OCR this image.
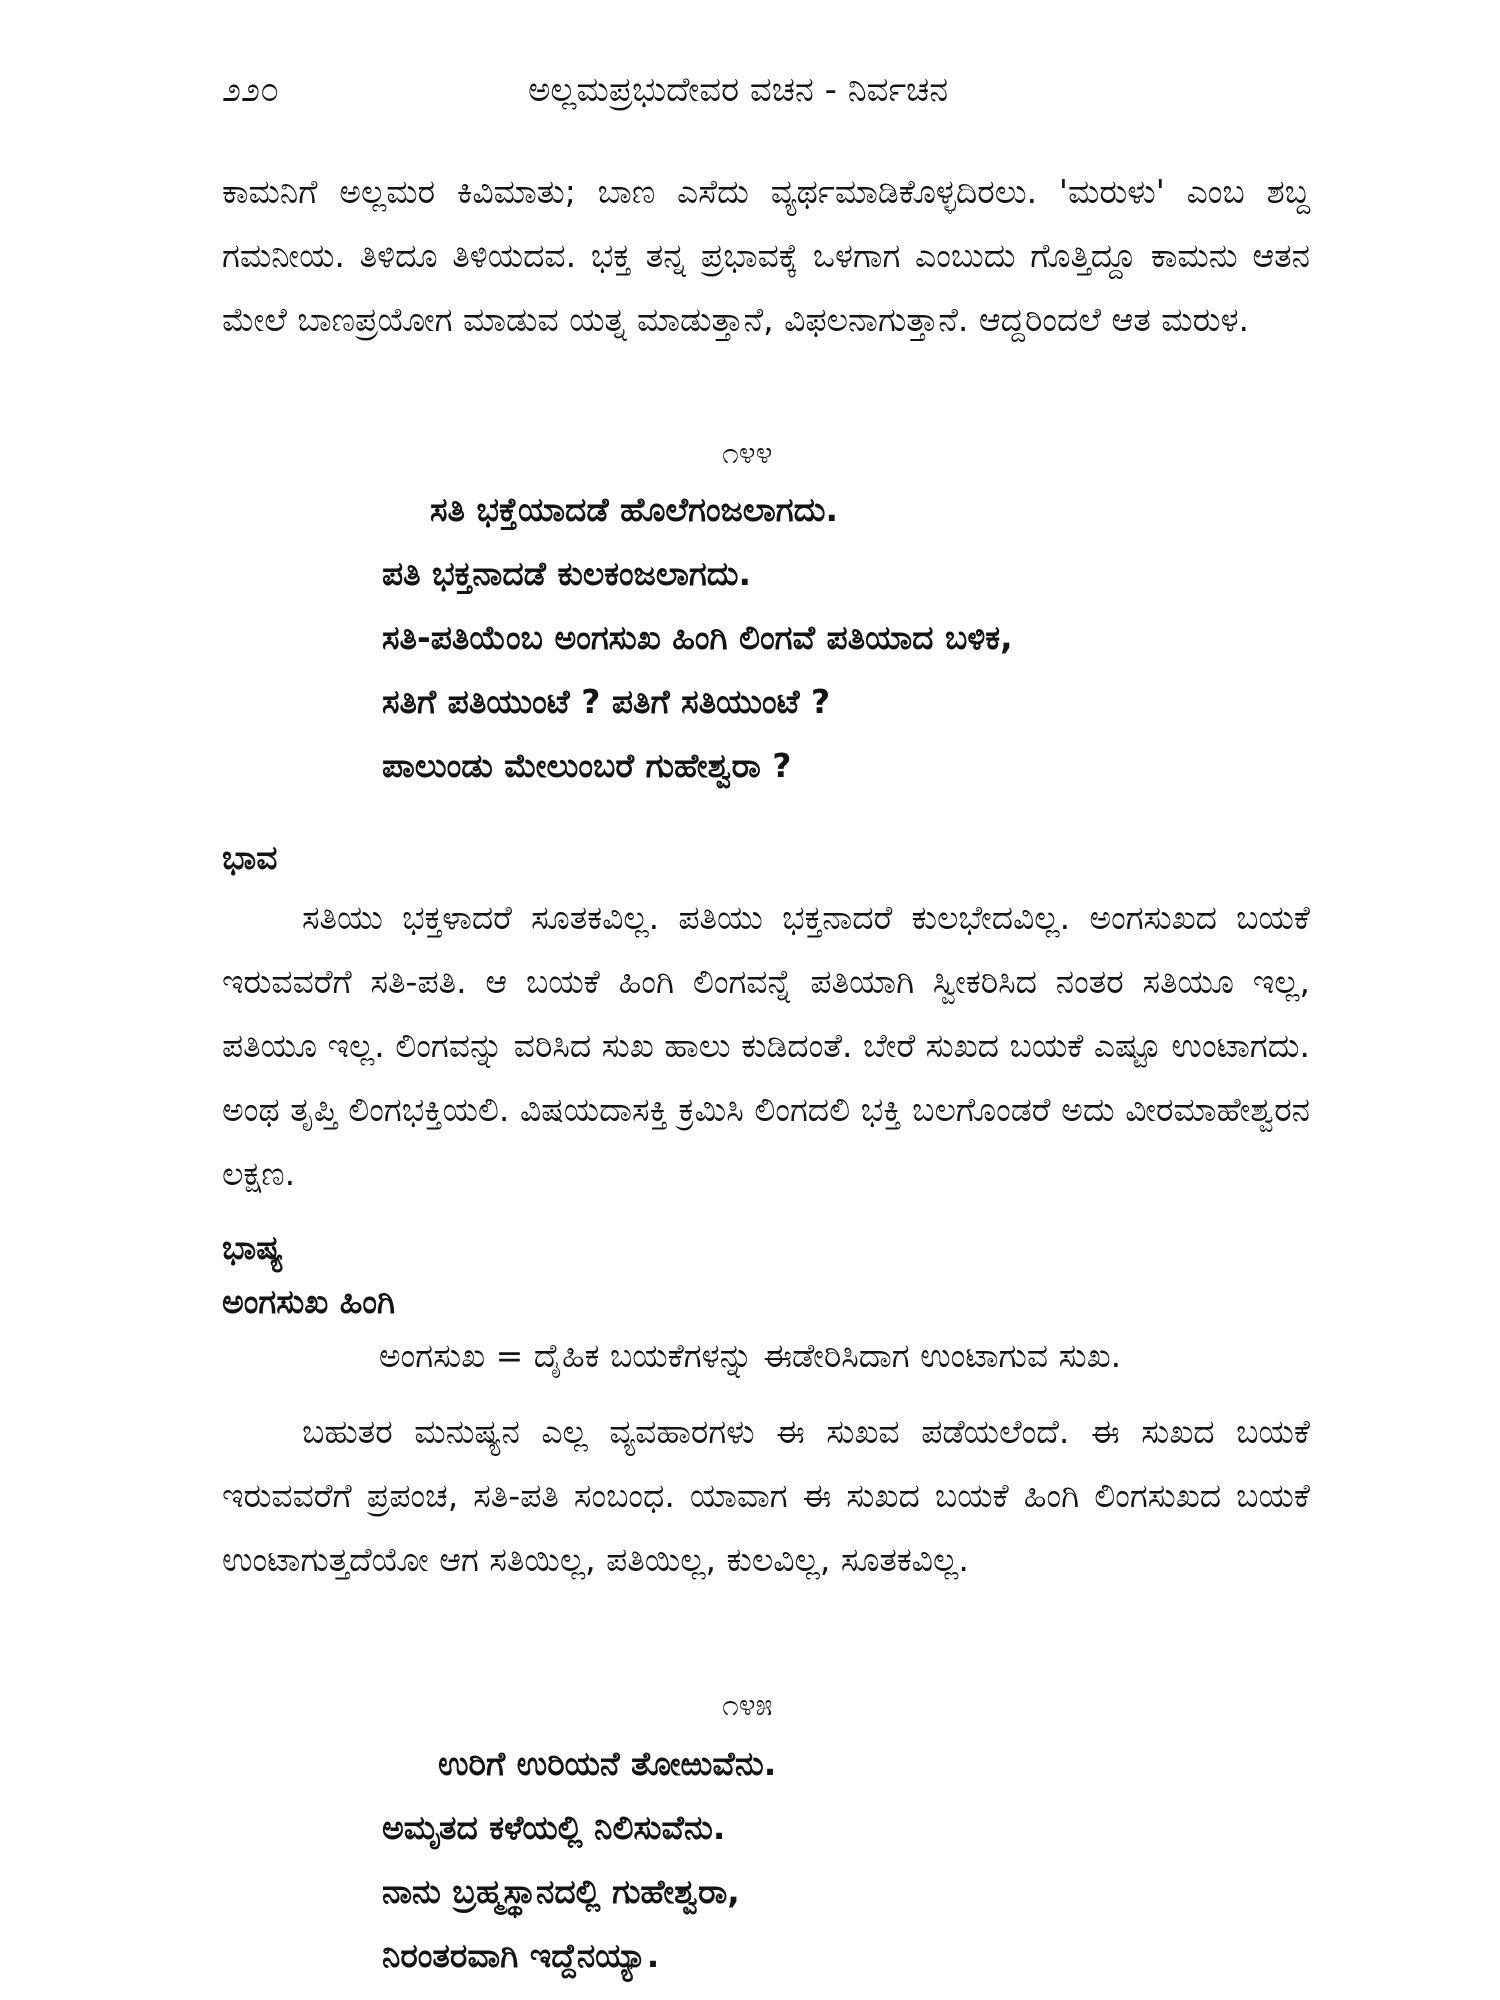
೨೨೦	ಅಲ್ಲಮಪ್ರಭುದೇವರ ವಚನ - ನಿರ್ವಚನ

ಕಾಮನಿಗೆ ಅಲ್ಲಮರ ಕಿವಿಮಾತು; ಬಾಣ ಎಸೆದು ವ್ಯರ್ಥಮಾಡಿಕೊಳ್ಳದಿರಲು. 'ಮರುಳು' ಎಂಬ ಶಬ್ದ ಗಮನೀಯ. ತಿಳಿದೂ ತಿಳಿಯದವ. ಭಕ್ತ ತನ್ನ ಪ್ರಭಾವಕ್ಕೆ ಒಳಗಾಗ ಎಂಬುದು ಗೊತ್ತಿದ್ದೂ ಕಾಮನು ಆತನ ಮೇಲೆ ಬಾಣಪ್ರಯೋಗ ಮಾಡುವ ಯತ್ನ ಮಾಡುತ್ತಾನೆ, ವಿಫಲನಾಗುತ್ತಾನೆ. ಆದ್ದರಿಂದಲೆ ಆತ ಮರುಳ.

೧೪೪
ಸತಿ ಭಕ್ತೆಯಾದಡೆ ಹೊಲೆಗಂಜಲಾಗದು.
ಪತಿ ಭಕ್ತನಾದಡೆ ಕುಲಕಂಜಲಾಗದು.
ಸತಿ-ಪತಿಯೆಂಬ ಅಂಗಸುಖ ಹಿಂಗಿ ಲಿಂಗವೆ ಪತಿಯಾದ ಬಳಿಕ,
ಸತಿಗೆ ಪತಿಯುಂಟೆ ? ಪತಿಗೆ ಸತಿಯುಂಟೆ ?
ಪಾಲುಂಡು ಮೇಲುಂಬರೆ ಗುಹೇಶ್ವರಾ ?
ಭಾವ

ಸತಿಯು ಭಕ್ತಳಾದರೆ ಸೂತಕವಿಲ್ಲ. ಪತಿಯು ಭಕ್ತನಾದರೆ ಕುಲಭೇದವಿಲ್ಲ. ಅಂಗಸುಖದ ಬಯಕೆ ಇರುವವರೆಗೆ ಸತಿ-ಪತಿ. ಆ ಬಯಕೆ ಹಿಂಗಿ ಲಿಂಗವನ್ನೆ ಪತಿಯಾಗಿ ಸ್ವೀಕರಿಸಿದ ನಂತರ ಸತಿಯೂ ಇಲ್ಲ, ಪತಿಯೂ ಇಲ್ಲ. ಲಿಂಗವನ್ನು ವರಿಸಿದ ಸುಖ ಹಾಲು ಕುಡಿದಂತೆ. ಬೇರೆ ಸುಖದ ಬಯಕೆ ಎಷ್ಟೂ ಉಂಟಾಗದು. ಅಂಥ ತೃಪ್ತಿ ಲಿಂಗಭಕ್ತಿಯಲಿ. ವಿಷಯದಾಸಕ್ತಿ ಕ್ರಮಿಸಿ ಲಿಂಗದಲಿ ಭಕ್ತಿ ಬಲಗೊಂಡರೆ ಅದು ವೀರಮಾಹೇಶ್ವರನ ಲಕ್ಷಣ.

ಭಾಷ್ಯ
ಅಂಗಸುಖ ಹಿಂಗಿ
ಅಂಗಸುಖ = ದೈಹಿಕ ಬಯಕೆಗಳನ್ನು ಈಡೇರಿಸಿದಾಗ ಉಂಟಾಗುವ ಸುಖ.

ಬಹುತರ ಮನುಷ್ಯನ ಎಲ್ಲ ವ್ಯವಹಾರಗಳು ಈ ಸುಖವ ಪಡೆಯಲೆಂದೆ. ಈ ಸುಖದ ಬಯಕೆ ಇರುವವರೆಗೆ ಪ್ರಪಂಚ, ಸತಿ-ಪತಿ ಸಂಬಂಧ. ಯಾವಾಗ ಈ ಸುಖದ ಬಯಕೆ ಹಿಂಗಿ ಲಿಂಗಸುಖದ ಬಯಕೆ ಉಂಟಾಗುತ್ತದೆಯೋ ಆಗ ಸತಿಯಿಲ್ಲ, ಪತಿಯಿಲ್ಲ, ಕುಲವಿಲ್ಲ, ಸೂತಕವಿಲ್ಲ.

೧೪೫
ಉರಿಗೆ ಉರಿಯನೆ ತೋಱುವೆನು.
ಅಮೃತದ ಕಳೆಯಲ್ಲಿ ನಿಲಿಸುವೆನು.
ನಾನು ಬ್ರಹ್ಮಸ್ಥಾನದಲ್ಲಿ ಗುಹೇಶ್ವರಾ,
ನಿರಂತರವಾಗಿ ಇದ್ದೆನಯ್ಯಾ.
